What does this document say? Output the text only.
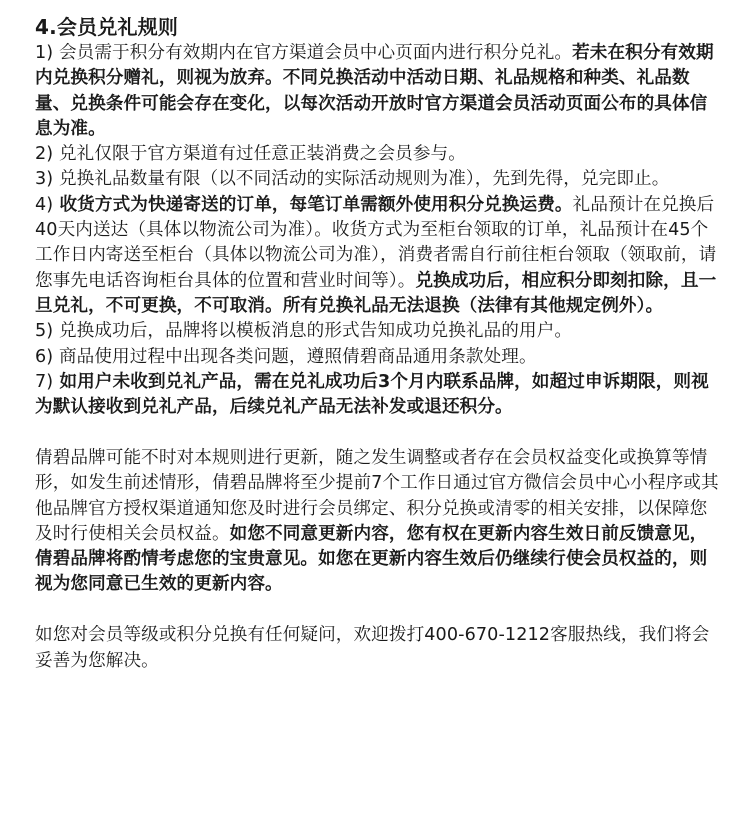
4.会员兑礼规则

1) 会员需于积分有效期内在官方渠道会员中心页面内进行积分兑礼。若未在积分有效期内兑换积分赠礼，则视为放弃。不同兑换活动中活动日期、礼品规格和种类、礼品数量、兑换条件可能会存在变化，以每次活动开放时官方渠道会员活动页面公布的具体信息为准。

2) 兑礼仅限于官方渠道有过任意正装消费之会员参与。

3) 兑换礼品数量有限（以不同活动的实际活动规则为准），先到先得，兑完即止。

4) 收货方式为快递寄送的订单，每笔订单需额外使用积分兑换运费。礼品预计在兑换后40天内送达（具体以物流公司为准）。收货方式为至柜台领取的订单，礼品预计在45个工作日内寄送至柜台（具体以物流公司为准），消费者需自行前往柜台领取（领取前，请您事先电话咨询柜台具体的位置和营业时间等）。兑换成功后，相应积分即刻扣除，且一旦兑礼，不可更换，不可取消。所有兑换礼品无法退换（法律有其他规定例外）。

5) 兑换成功后，品牌将以模板消息的形式告知成功兑换礼品的用户。

6) 商品使用过程中出现各类问题，遵照倩碧商品通用条款处理。

7) 如用户未收到兑礼产品，需在兑礼成功后3个月内联系品牌，如超过申诉期限，则视为默认接收到兑礼产品，后续兑礼产品无法补发或退还积分。

倩碧品牌可能不时对本规则进行更新，随之发生调整或者存在会员权益变化或换算等情形，如发生前述情形，倩碧品牌将至少提前7个工作日通过官方微信会员中心小程序或其他品牌官方授权渠道通知您及时进行会员绑定、积分兑换或清零的相关安排，以保障您及时行使相关会员权益。如您不同意更新内容，您有权在更新内容生效日前反馈意见，倩碧品牌将酌情考虑您的宝贵意见。如您在更新内容生效后仍继续行使会员权益的，则视为您同意已生效的更新内容。

如您对会员等级或积分兑换有任何疑问，欢迎拨打400-670-1212客服热线，我们将会妥善为您解决。
